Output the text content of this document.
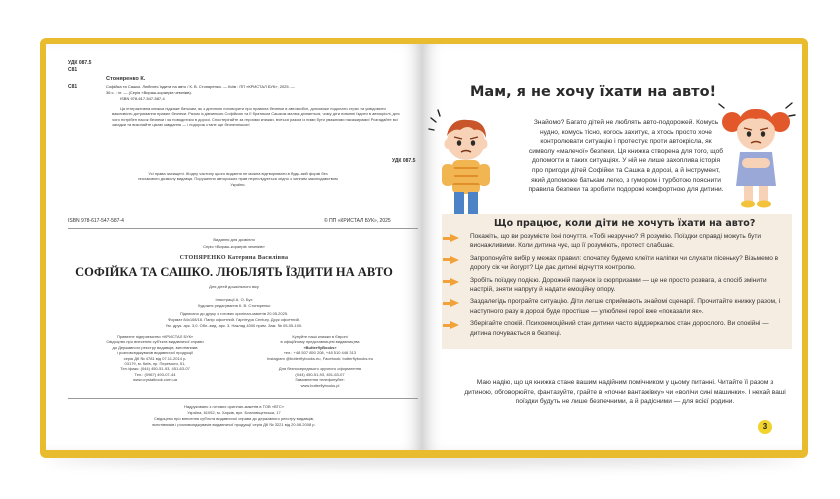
УДК 087.5
С81
Стоняренко К.
С81	Софійка та Сашко. Люблять їздити на авто / К. В. Стоняренко. — Київ : ПП «КРИСТАЛ БУК», 2025. —
36 с. : іл. — (Серія «Вираш-кораерів чемніків).
ISBN 978-617-547-587-4
Ця інтерактивна книжка підкаже батькам, як з дитиною поговорити про правила безпеки в автомобілі, допоможе подолати страх та усвідомити важливість дотримання правил безпеки. Разом із дівчинкою Софійкою та її братиком Сашком малюк дізнається, чому діти повинні їздити в автокріслі, для чого потрібен пасок безпеки і як поводитися в дорозі. Спостерігайте за героями книжки, вчіться разом із ними бути уважними пасажирами! Розгадайте всі загадки та виконайте цікаві завдання — і подорож стане ще безпечнішою!
УДК 087.5
Усі права захищені. Жодну частину цього видання не можна відтворювати в будь-якій формі без письмового дозволу видавця. Порушення авторських прав переслідується згідно з чинним законодавством України.
ISBN 978-617-547-587-4	© ПП «КРИСТАЛ БУК», 2025
Видання для дозвілля
Серія «Вираш-кораерів чемніків»
СТОНЯРЕНКО Катерина Василівна
СОФІЙКА ТА САШКО. ЛЮБЛЯТЬ ЇЗДИТИ НА АВТО
Для дітей дошкільного віку
Ілюстрації А. О. Бух
Художнє редагування К. В. Стоняренко
Підписано до друку з готових оригінал-макетів 20.05.2025.
Формат 84х108/16. Папір офсетний. Гарнітура Century. Друк офсетний.
Ум. друк. арк. 3,0. Обл.-вид. арк. 3. Наклад 4000 прим. Зам. № 05-05-100.
Приватне підприємство «КРИСТАЛ БУК»
Свідоцтво про внесення суб'єкта видавничої справи
до Державного реєстру видавців, виготівників
і розповсюджувачів видавничої продукції
серія ДК № 4781 від 07.11.2014 р.
03179, м. Київ, пр. Перемоги, 51,
Тел./факс: (044) 450-51-93, 451-63-07
Тел.: (0967) 493-07-44
www.crystalbook.com.ua
Купуйте наші книжки в Європі
в офіційному представництві видавництва
«ButterflyBooks»
тел.: +48 507 850 208, +48 510 446 313
Instagram @butterflybooks.eu, Facebook: butterflybooks.eu

Для безпосереднього зручного оформлення
(044) 450-51-93, 451-63-07
Замовлення телефонуйте:
www.butterflybooks.pl
Надруковано з готових оригінал-макетів в ТОВ «ВТС»
Україна, 61052, м. Харків, вул. Благовіщенська, 17
Свідоцтво про внесення суб'єкта видавничої справи до державного реєстру видавців,
виготівників і розповсюджувачів видавничої продукції серія ДК № 3221 від 20.06.2008 р.
Мам, я не хочу їхати на авто!
Знайомо? Багато дітей не люблять авто-подорожей. Комусь нудно, комусь тісно, когось захитує, а хтось просто хоче контролювати ситуацію і протестує проти автокрісла, як символу «малечої» безпеки. Ця книжка створена для того, щоб допомогти в таких ситуаціях. У ній не лише захоплива історія про пригоди дітей Софійки та Сашка в дорозі, а й інструмент, який допоможе батькам легко, з гумором і турботою пояснити правила безпеки та зробити подорожі комфортною для дитини.
Що працює, коли діти не хочуть їхати на авто?
Покажіть, що ви розумієте їхні почуття. «Тобі незручно? Я розумію. Поїздки справді можуть бути виснажливими. Коли дитина чує, що її розуміють, протест слабшає.
Запропонуйте вибір у межах правил: спочатку будемо клеїти наліпки чи слухати пісеньку? Візьмемо в дорогу сік чи йогурт? Це дає дитині відчуття контролю.
Зробіть поїздку подією. Дорожній пакунок із сюрпризами — це не просто розвага, а спосіб змінити настрій, зняти напругу й надати емоційну опору.
Заздалегідь програйте ситуацію. Діти легше сприймають знайомі сценарії. Прочитайте книжку разом, і наступного разу в дорозі буде простіше — улюблені герої вже «показали як».
Зберігайте спокій. Психоемоційний стан дитини часто віддзеркалює стан дорослого. Ви спокійні — дитина почувається в безпеці.
Маю надію, що ця книжка стане вашим надійним помічником у цьому питанні. Читайте її разом з дитиною, обговорюйте, фантазуйте, грайте в «почни вантажівку» чи «волічи сині машинки». І нехай ваші поїздки будуть не лише безпечними, а й радісними — для всієї родини.
3
